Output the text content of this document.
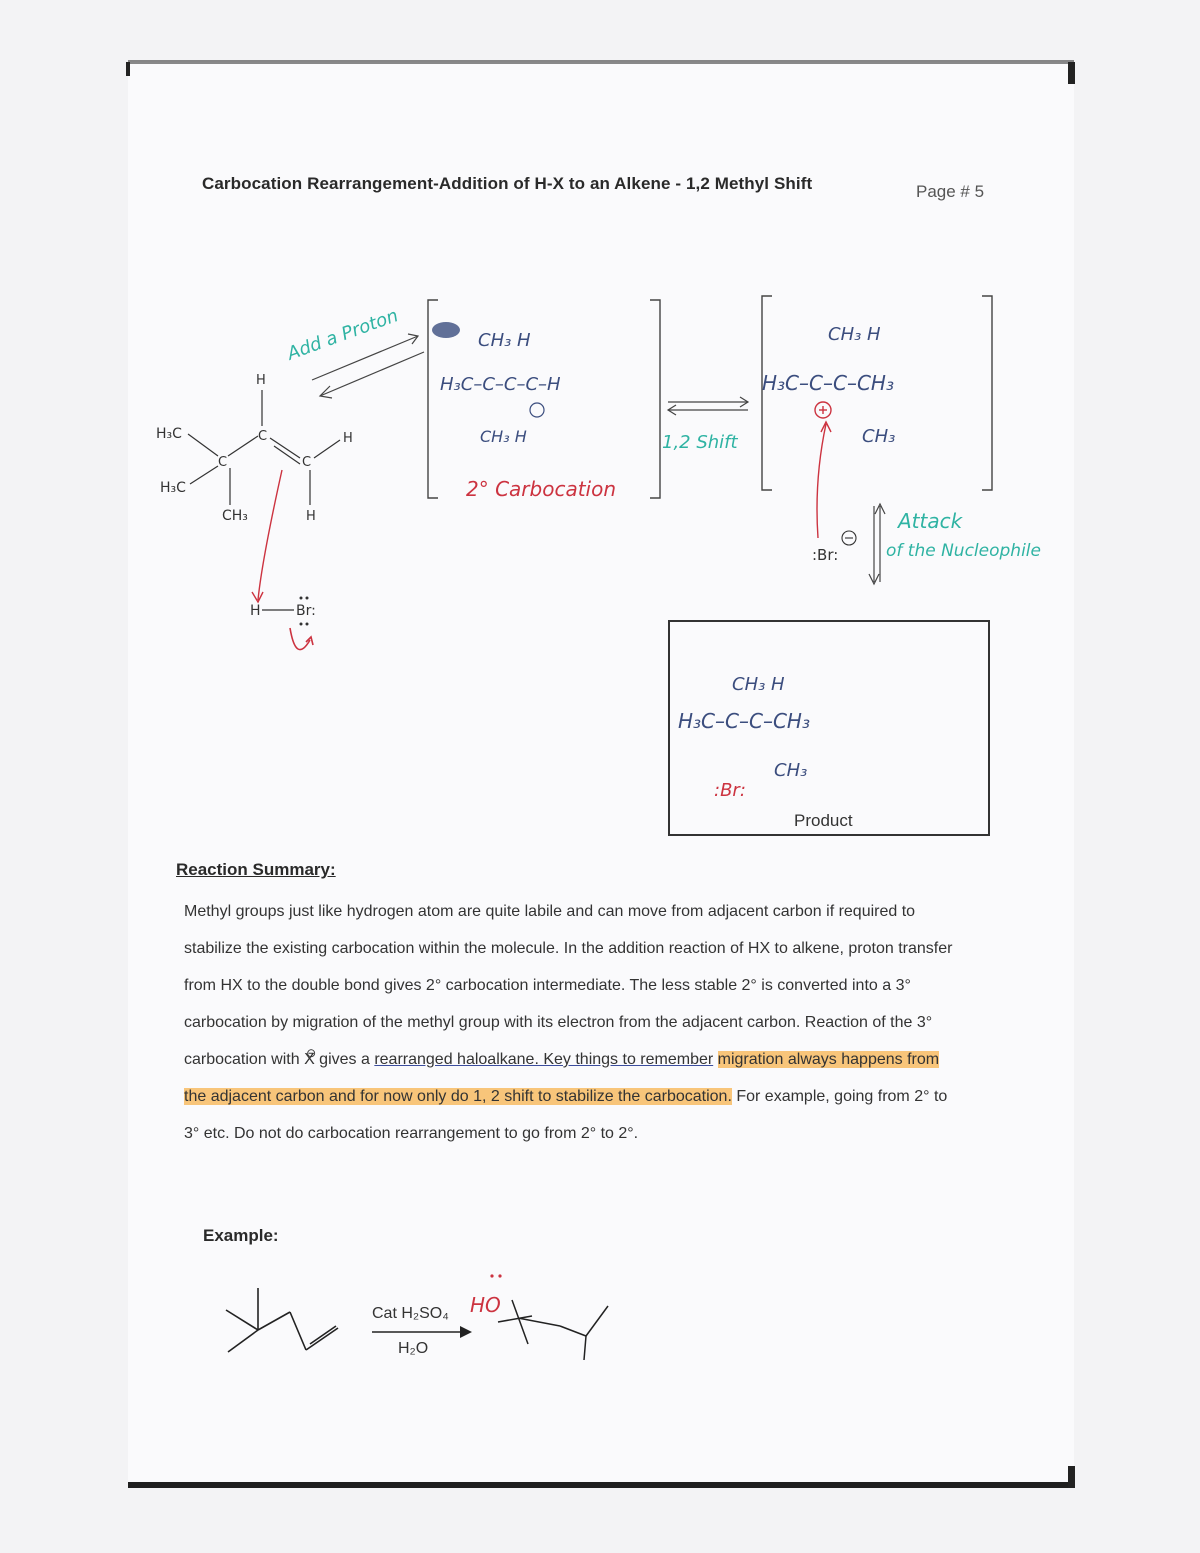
Carbocation Rearrangement-Addition of H-X to an Alkene - 1,2 Methyl Shift	Page # 5
H₃C
H₃C
CH₃
H
H
H
C
C
C
H	Br:
Add a Proton	CH₃ H
H₃C–C–C–C–H
CH₃ H
2° Carbocation
1,2 Shift
CH₃ H
H₃C–C–C–CH₃
CH₃
:Br:
Attack
of the Nucleophile
CH₃ H
H₃C–C–C–CH₃
CH₃
:Br:
HO
Product
Reaction Summary:
Methyl groups just like hydrogen atom are quite labile and can move from adjacent carbon if required to stabilize the existing carbocation within the molecule. In the addition reaction of HX to alkene, proton transfer from HX to the double bond gives 2° carbocation intermediate. The less stable 2° is converted into a 3° carbocation by migration of the methyl group with its electron from the adjacent carbon. Reaction of the 3° carbocation with X ⊖ gives a rearranged haloalkane. Key things to remember migration always happens from the adjacent carbon and for now only do 1, 2 shift to stabilize the carbocation. For example, going from 2° to 3° etc. Do not do carbocation rearrangement to go from 2° to 2°.
Example:
Cat H₂SO₄
H₂O
